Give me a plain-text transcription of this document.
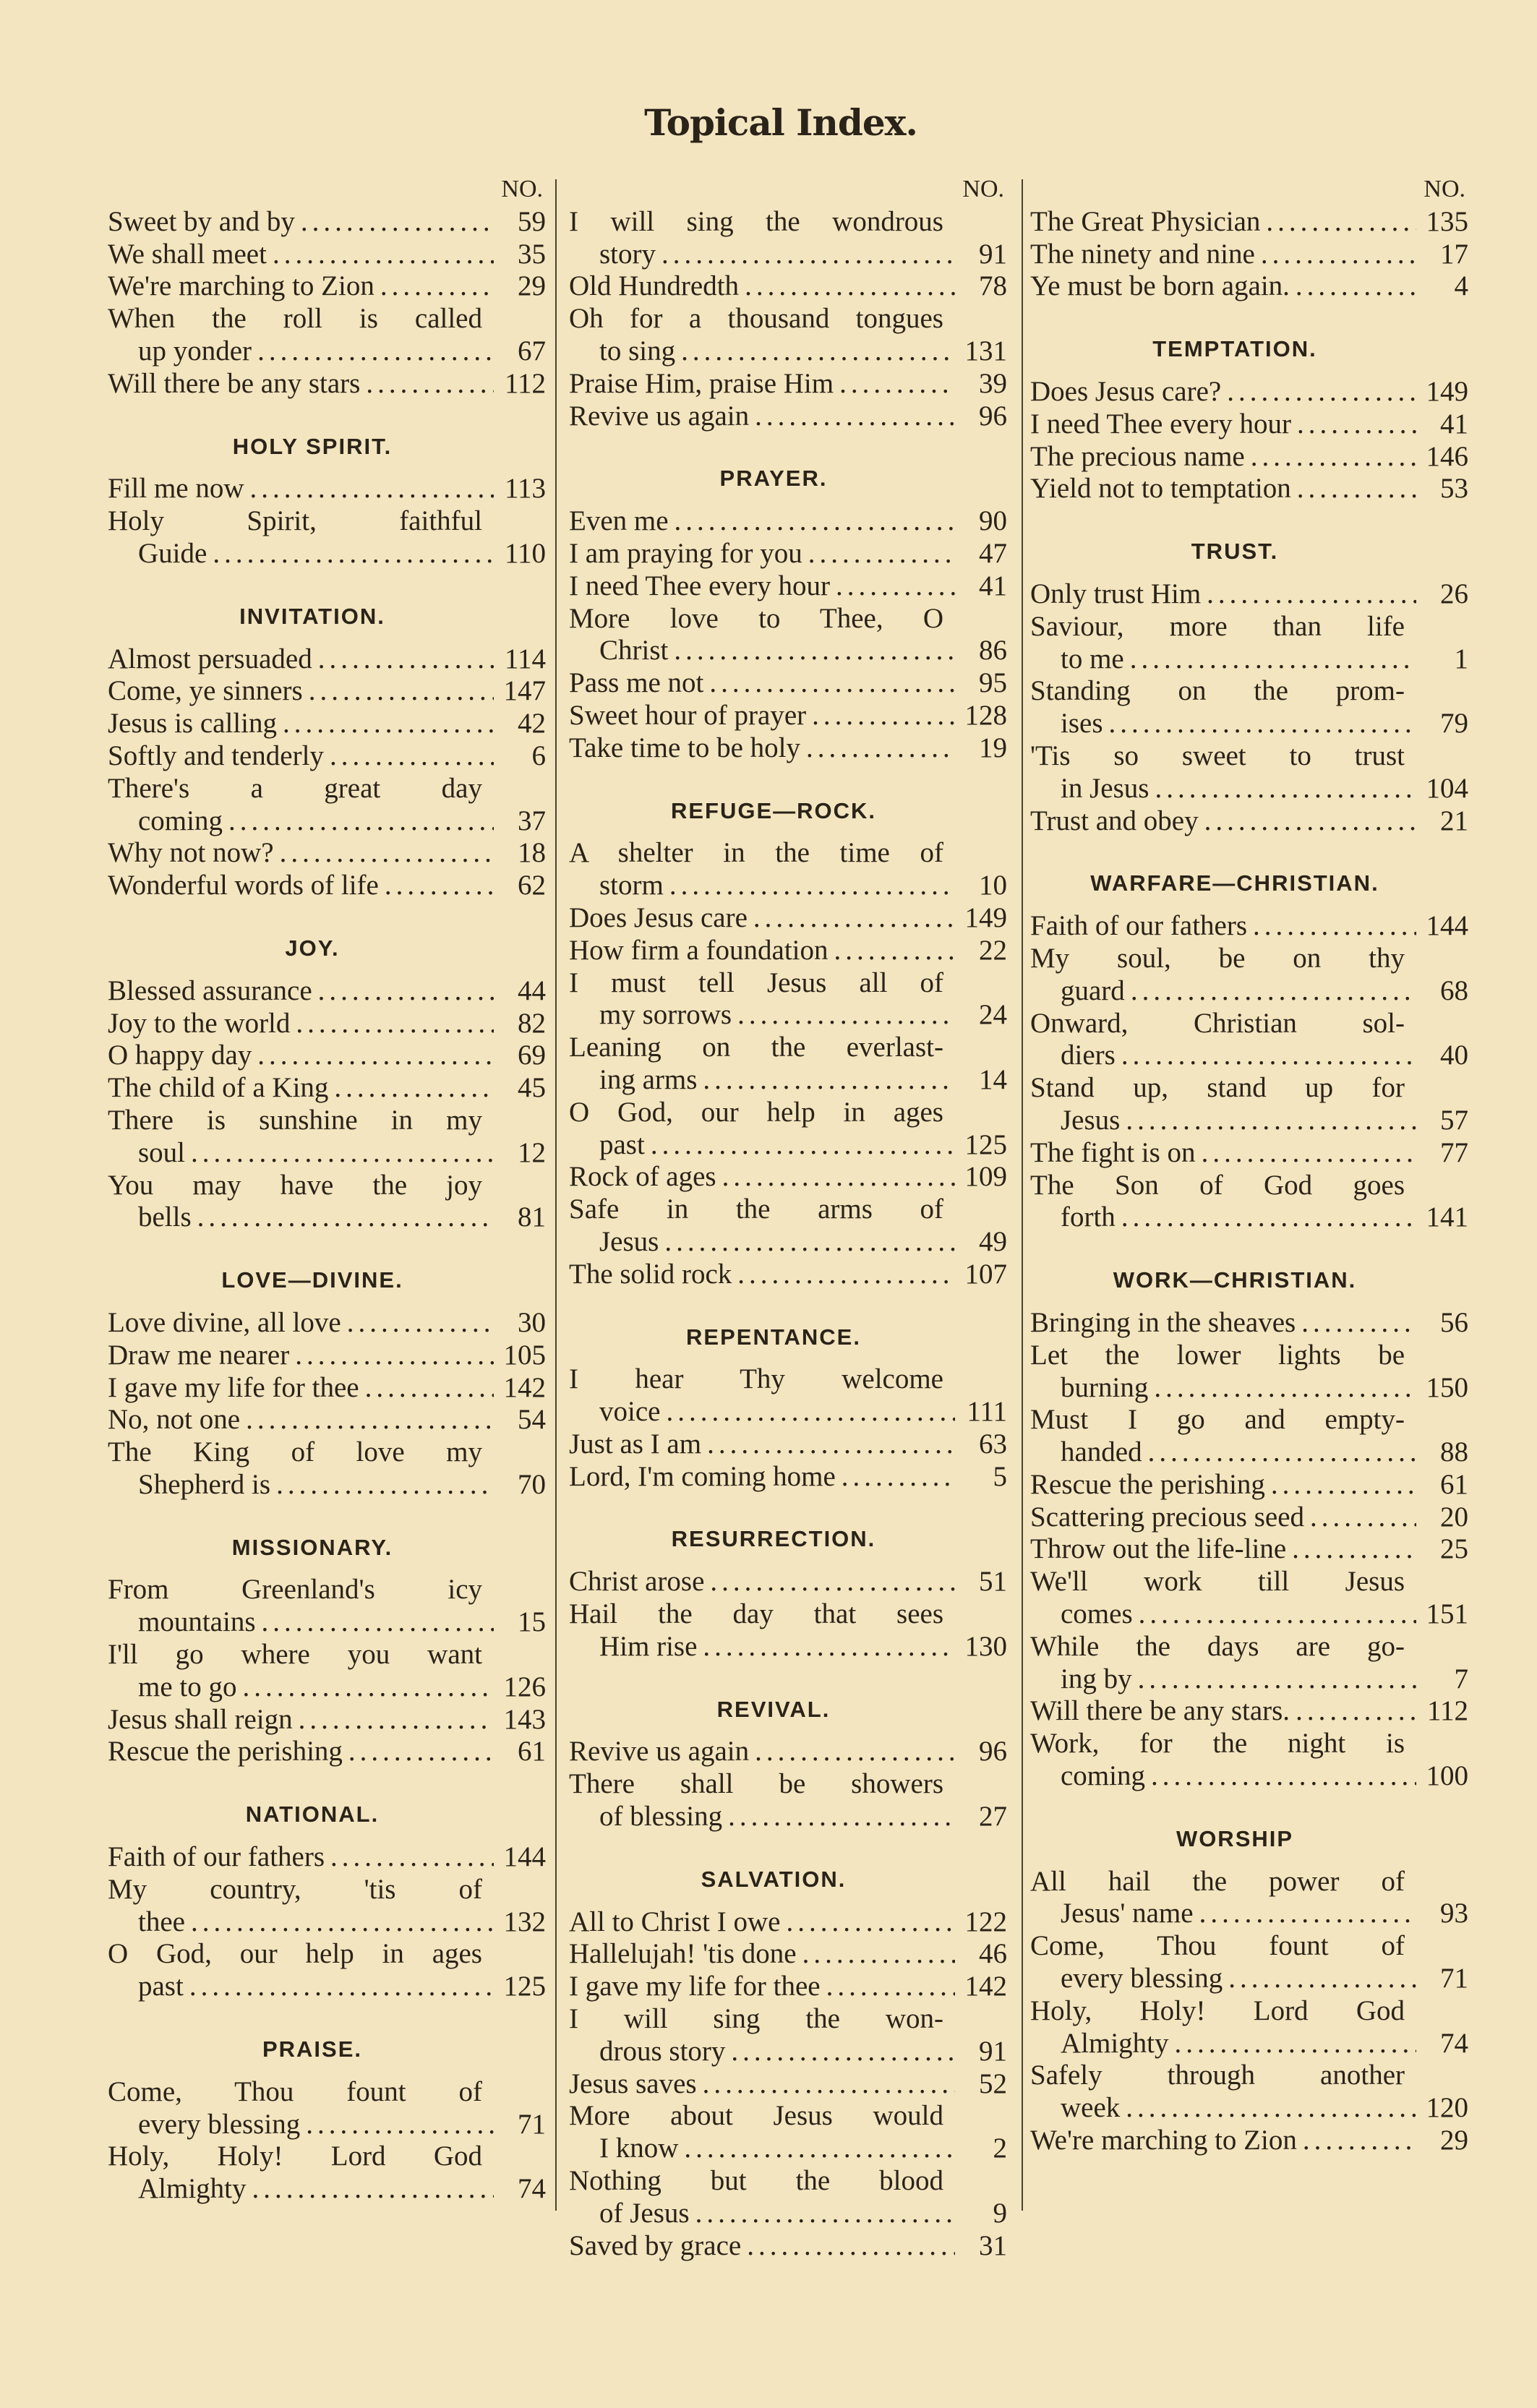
Topical Index.
NO.
Sweet by and by .....	59
We shall meet .....	35
We're marching to Zion .....	29
When the roll is called
up yonder .....	67
Will there be any stars .....	112
HOLY SPIRIT.
Fill me now .....	113
Holy Spirit, faithful
Guide .....	110
INVITATION.
Almost persuaded .....	114
Come, ye sinners .....	147
Jesus is calling .....	42
Softly and tenderly .....	6
There's a great day
coming .....	37
Why not now? .....	18
Wonderful words of life .....	62
JOY.
Blessed assurance .....	44
Joy to the world .....	82
O happy day .....	69
The child of a King .....	45
There is sunshine in my
soul .....	12
You may have the joy
bells .....	81
LOVE—DIVINE.
Love divine, all love .....	30
Draw me nearer .....	105
I gave my life for thee .....	142
No, not one .....	54
The King of love my
Shepherd is .....	70
MISSIONARY.
From Greenland's icy
mountains .....	15
I'll go where you want
me to go .....	126
Jesus shall reign .....	143
Rescue the perishing .....	61
NATIONAL.
Faith of our fathers .....	144
My country, 'tis of
thee .....	132
O God, our help in ages
past .....	125
PRAISE.
Come, Thou fount of
every blessing .....	71
Holy, Holy! Lord God
Almighty .....	74
NO.
I will sing the wondrous
story .....	91
Old Hundredth .....	78
Oh for a thousand tongues
to sing .....	131
Praise Him, praise Him .....	39
Revive us again .....	96
PRAYER.
Even me .....	90
I am praying for you .....	47
I need Thee every hour .....	41
More love to Thee, O
Christ .....	86
Pass me not .....	95
Sweet hour of prayer .....	128
Take time to be holy .....	19
REFUGE—ROCK.
A shelter in the time of
storm .....	10
Does Jesus care .....	149
How firm a foundation .....	22
I must tell Jesus all of
my sorrows .....	24
Leaning on the everlast-
ing arms .....	14
O God, our help in ages
past .....	125
Rock of ages .....	109
Safe in the arms of
Jesus .....	49
The solid rock .....	107
REPENTANCE.
I hear Thy welcome
voice .....	111
Just as I am .....	63
Lord, I'm coming home .....	5
RESURRECTION.
Christ arose .....	51
Hail the day that sees
Him rise .....	130
REVIVAL.
Revive us again .....	96
There shall be showers
of blessing .....	27
SALVATION.
All to Christ I owe .....	122
Hallelujah! 'tis done .....	46
I gave my life for thee .....	142
I will sing the won-
drous story .....	91
Jesus saves .....	52
More about Jesus would
I know .....	2
Nothing but the blood
of Jesus .....	9
Saved by grace .....	31
NO.
The Great Physician .....	135
The ninety and nine .....	17
Ye must be born again. .....	4
TEMPTATION.
Does Jesus care? .....	149
I need Thee every hour .....	41
The precious name .....	146
Yield not to temptation .....	53
TRUST.
Only trust Him .....	26
Saviour, more than life
to me .....	1
Standing on the prom-
ises .....	79
'Tis so sweet to trust
in Jesus .....	104
Trust and obey .....	21
WARFARE—CHRISTIAN.
Faith of our fathers .....	144
My soul, be on thy
guard .....	68
Onward, Christian sol-
diers .....	40
Stand up, stand up for
Jesus .....	57
The fight is on .....	77
The Son of God goes
forth .....	141
WORK—CHRISTIAN.
Bringing in the sheaves .....	56
Let the lower lights be
burning .....	150
Must I go and empty-
handed .....	88
Rescue the perishing .....	61
Scattering precious seed .....	20
Throw out the life-line .....	25
We'll work till Jesus
comes .....	151
While the days are go-
ing by .....	7
Will there be any stars. .....	112
Work, for the night is
coming .....	100
WORSHIP
All hail the power of
Jesus' name .....	93
Come, Thou fount of
every blessing .....	71
Holy, Holy! Lord God
Almighty .....	74
Safely through another
week .....	120
We're marching to Zion .....	29
